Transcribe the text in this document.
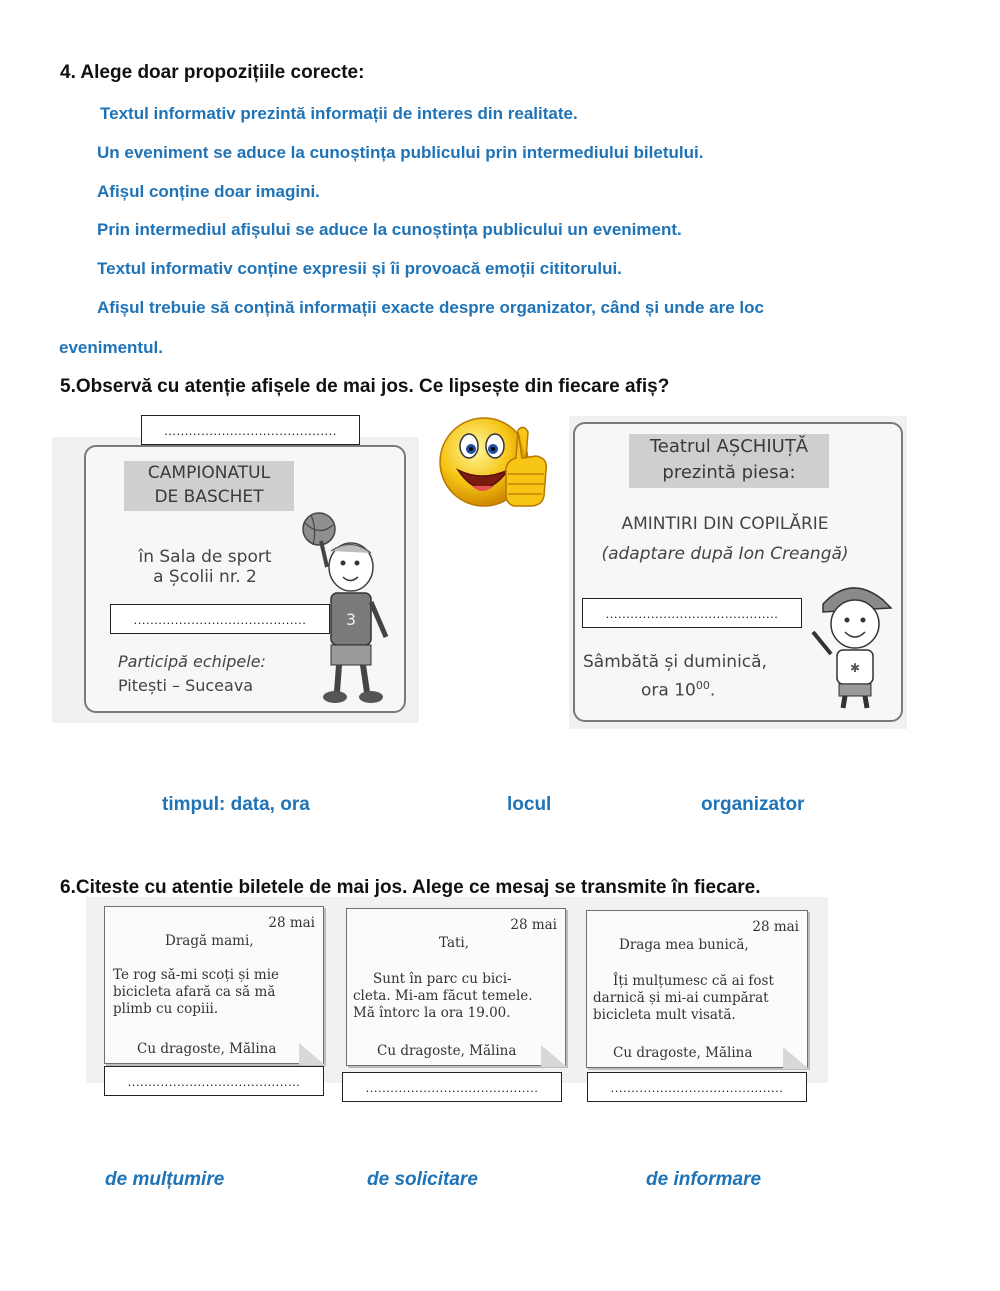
4. Alege doar propozițiile corecte:
Textul informativ prezintă informații de interes din realitate.
Un eveniment se aduce la cunoștința publicului prin intermediului biletului.
Afișul conține doar imagini.
Prin intermediul afișului se aduce la cunoștința publicului un eveniment.
Textul informativ conține expresii și îi provoacă emoții cititorului.
Afișul trebuie să conțină informații exacte despre organizator, când și unde are loc
evenimentul.
5.Observă cu atenție afișele de mai jos. Ce lipsește din fiecare afiș?
CAMPIONATUL
DE BASCHET
în Sala de sport
a Școlii nr. 2
Participă echipele:
Pitești – Suceava
3
..........................................
..........................................
Teatrul AȘCHIUȚĂ
prezintă piesa:
AMINTIRI DIN COPILĂRIE
(adaptare după Ion Creangă)
Sâmbătă și duminică,
ora $10^{00}$.
✱
..........................................
timpul: data, ora	locul	organizator
6.Citeste cu atentie biletele de mai jos. Alege ce mesaj se transmite în fiecare.
28 mai
Dragă mami,
Te rog să-mi scoți și mie
bicicleta afară ca să mă
plimb cu copiii.
Cu dragoste, Mălina
28 mai
Tati,
Sunt în parc cu bici-
cleta. Mi-am făcut temele.
Mă întorc la ora 19.00.
Cu dragoste, Mălina
28 mai
Draga mea bunică,
Îți mulțumesc că ai fost
darnică și mi-ai cumpărat
bicicleta mult visată.
Cu dragoste, Mălina
..........................................	..........................................	..........................................
de mulțumire	de solicitare	de informare
